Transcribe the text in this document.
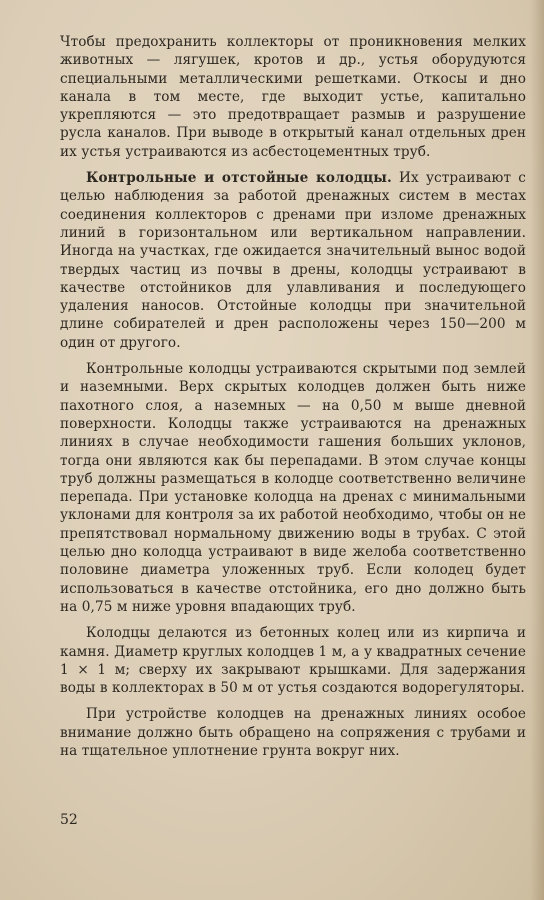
Чтобы предохранить коллекторы от проникновения мелких животных — лягушек, кротов и др., устья оборудуются специальными металлическими решетками. Откосы и дно канала в том месте, где выходит устье, капитально укрепляются — это предотвращает размыв и разрушение русла каналов. При выводе в открытый канал отдельных дрен их устья устраиваются из асбестоцементных труб.

Контрольные и отстойные колодцы. Их устраивают с целью наблюдения за работой дренажных систем в местах соединения коллекторов с дренами при изломе дренажных линий в горизонтальном или вертикальном направлении. Иногда на участках, где ожидается значительный вынос водой твердых частиц из почвы в дрены, колодцы устраивают в качестве отстойников для улавливания и последующего удаления наносов. Отстойные колодцы при значительной длине собирателей и дрен расположены через 150—200 м один от другого.

Контрольные колодцы устраиваются скрытыми под землей и наземными. Верх скрытых колодцев должен быть ниже пахотного слоя, а наземных — на 0,50 м выше дневной поверхности. Колодцы также устраиваются на дренажных линиях в случае необходимости гашения больших уклонов, тогда они являются как бы перепадами. В этом случае концы труб должны размещаться в колодце соответственно величине перепада. При установке колодца на дренах с минимальными уклонами для контроля за их работой необходимо, чтобы он не препятствовал нормальному движению воды в трубах. С этой целью дно колодца устраивают в виде желоба соответственно половине диаметра уложенных труб. Если колодец будет использоваться в качестве отстойника, его дно должно быть на 0,75 м ниже уровня впадающих труб.

Колодцы делаются из бетонных колец или из кирпича и камня. Диаметр круглых колодцев 1 м, а у квадратных сечение 1 × 1 м; сверху их закрывают крышками. Для задержания воды в коллекторах в 50 м от устья создаются водорегуляторы.

При устройстве колодцев на дренажных линиях особое внимание должно быть обращено на сопряжения с трубами и на тщательное уплотнение грунта вокруг них.

52
